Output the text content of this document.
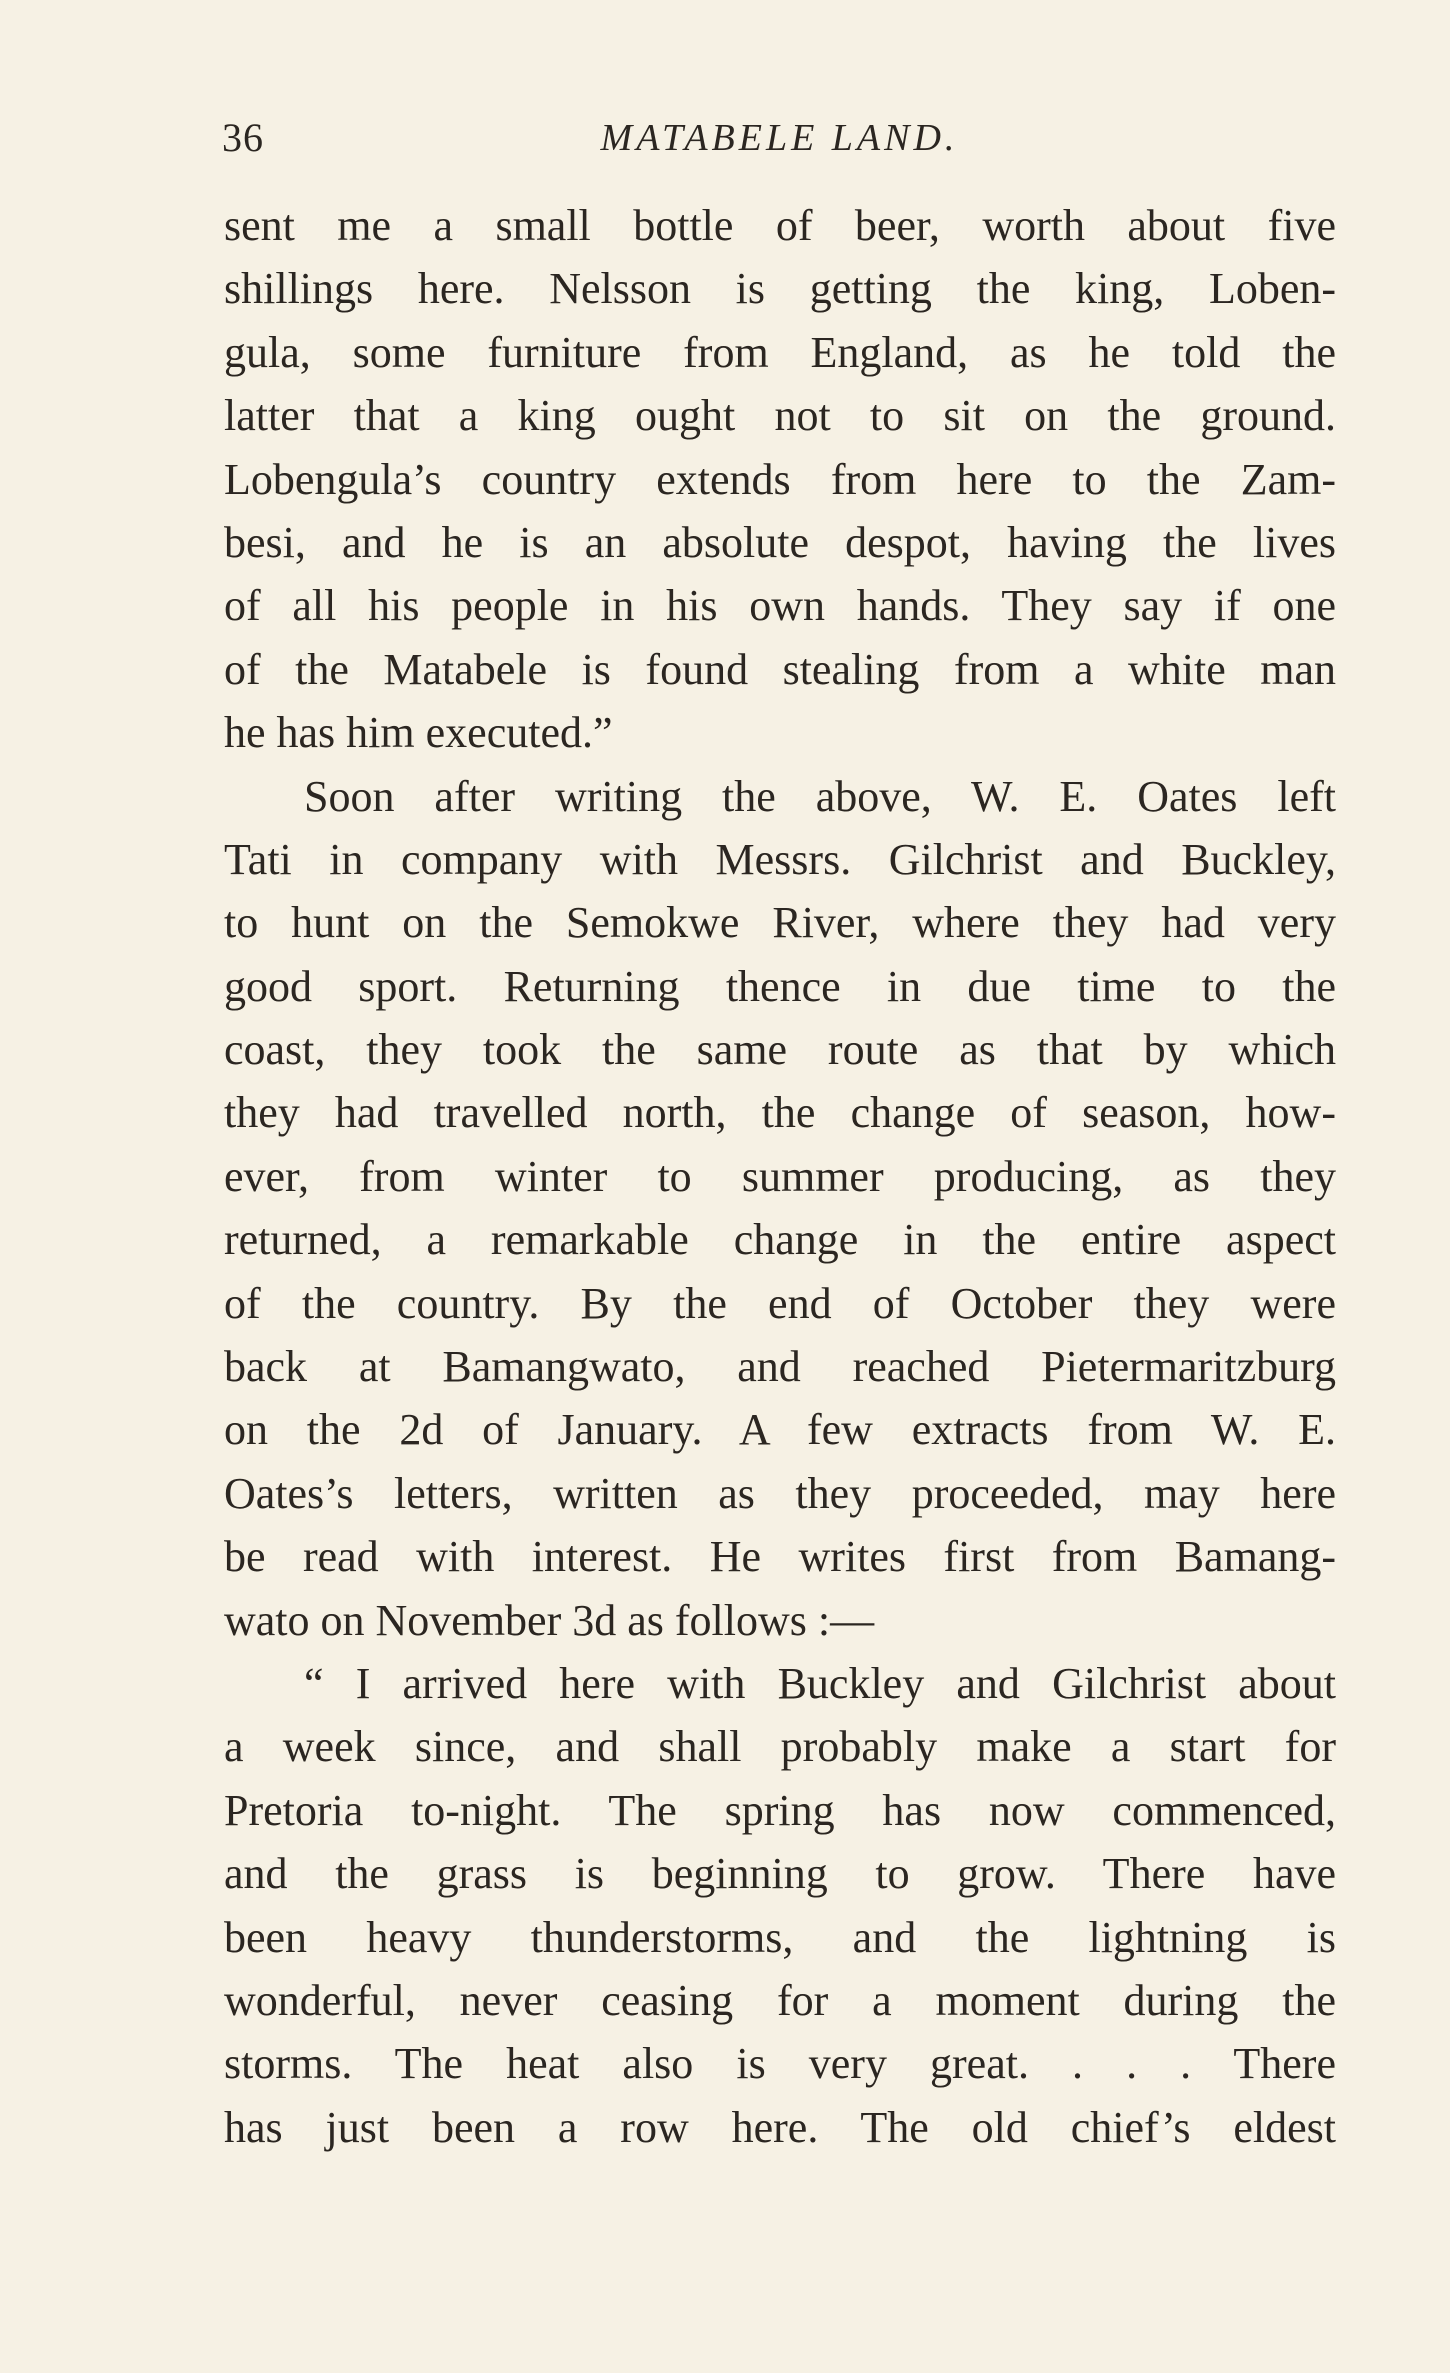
36	MATABELE LAND.
sent me a small bottle of beer, worth about five
shillings here. Nelsson is getting the king, Loben-
gula, some furniture from England, as he told the
latter that a king ought not to sit on the ground.
Lobengula’s country extends from here to the Zam-
besi, and he is an absolute despot, having the lives
of all his people in his own hands. They say if one
of the Matabele is found stealing from a white man
he has him executed.”
Soon after writing the above, W. E. Oates left
Tati in company with Messrs. Gilchrist and Buckley,
to hunt on the Semokwe River, where they had very
good sport. Returning thence in due time to the
coast, they took the same route as that by which
they had travelled north, the change of season, how-
ever, from winter to summer producing, as they
returned, a remarkable change in the entire aspect
of the country. By the end of October they were
back at Bamangwato, and reached Pietermaritzburg
on the 2d of January. A few extracts from W. E.
Oates’s letters, written as they proceeded, may here
be read with interest. He writes first from Bamang-
wato on November 3d as follows :—
“ I arrived here with Buckley and Gilchrist about
a week since, and shall probably make a start for
Pretoria to-night. The spring has now commenced,
and the grass is beginning to grow. There have
been heavy thunderstorms, and the lightning is
wonderful, never ceasing for a moment during the
storms. The heat also is very great. . . . There
has just been a row here. The old chief’s eldest
